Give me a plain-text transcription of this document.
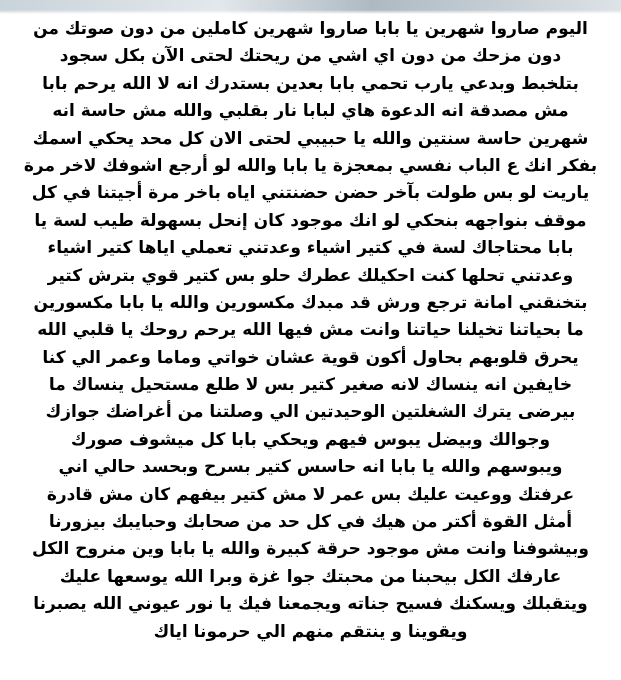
اليوم صاروا شهرين يا بابا صاروا شهرين كاملين من دون صوتك من
دون مزحك من دون اي اشي من ريحتك لحتى الآن بكل سجود
بتلخبط وبدعي يارب تحمي بابا بعدين بستدرك انه لا الله يرحم بابا
مش مصدقة انه الدعوة هاي لبابا نار بقلبي والله مش حاسة انه
شهرين حاسة سنتين والله يا حبيبي لحتى الان كل محد يحكي اسمك
بفكر انك ع الباب نفسي بمعجزة يا بابا والله لو أرجع اشوفك لاخر مرة
ياريت لو بس طولت بآخر حضن حضنتني اياه باخر مرة أجيتنا في كل
موقف بنواجهه بنحكي لو انك موجود كان إنحل بسهولة طيب لسة يا
بابا محتاجاك لسة في كتير اشياء وعدتني تعملي اياها كتير اشياء
وعدتني تحلها كنت احكيلك عطرك حلو بس كتير قوي بترش كتير
بتخنقني امانة ترجع ورش قد مبدك مكسورين والله يا بابا مكسورين
ما بحياتنا تخيلنا حياتنا وانت مش فيها الله يرحم روحك يا قلبي الله
يحرق قلوبهم بحاول أكون قوية عشان خواتي وماما وعمر الي كنا
خايفين انه ينساك لانه صغير كتير بس لا طلع مستحيل ينساك ما
بيرضى يترك الشغلتين الوحيدتين الي وصلتنا من أغراضك جوازك
وجوالك وبيضل يبوس فيهم ويحكي بابا كل ميشوف صورك
ويبوسهم والله يا بابا انه حاسس كتير بسرح وبحسد حالي اني
عرفتك ووعيت عليك بس عمر لا مش كتير بيفهم كان مش قادرة
أمثل القوة أكتر من هيك في كل حد من صحابك وحبايبك بيزورنا
وبيشوفنا وانت مش موجود حرقة كبيرة والله يا بابا وين منروح الكل
عارفك الكل بيحبنا من محبتك جوا غزة وبرا الله يوسعها عليك
ويتقبلك ويسكنك فسيح جناته ويجمعنا فيك يا نور عيوني الله يصبرنا
ويقوينا و ينتقم منهم الي حرمونا اياك
